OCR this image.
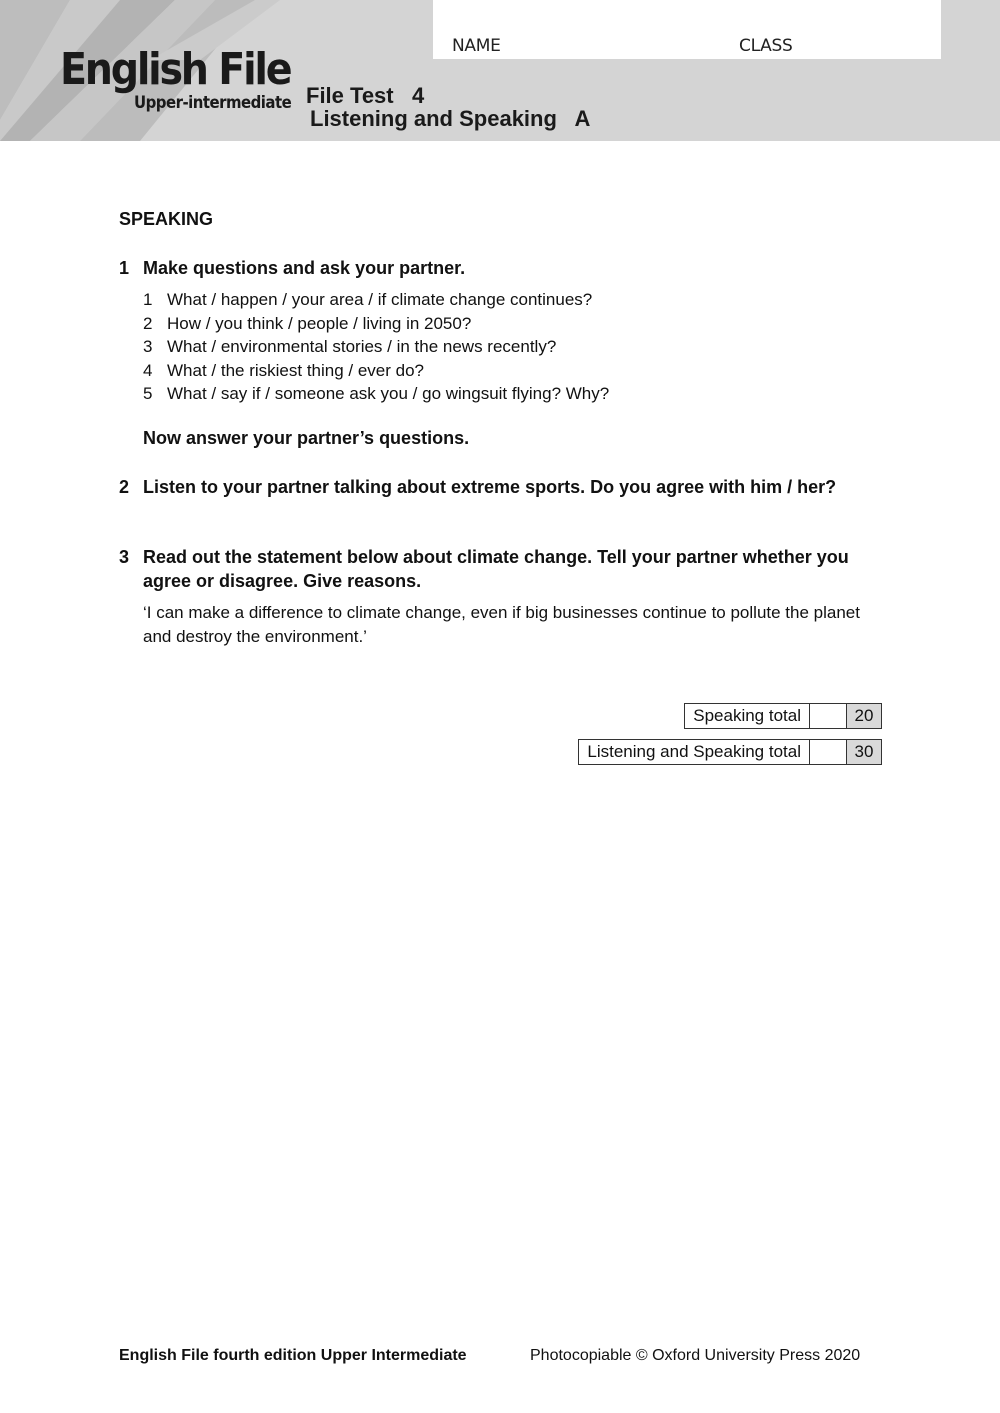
NAME	CLASS
English File
Upper-intermediate File Test   4
Listening and Speaking   A
SPEAKING
1 Make questions and ask your partner.
1 What / happen / your area / if climate change continues?
2 How / you think / people / living in 2050?
3 What / environmental stories / in the news recently?
4 What / the riskiest thing / ever do?
5 What / say if / someone ask you / go wingsuit flying? Why?
Now answer your partner’s questions.
2 Listen to your partner talking about extreme sports. Do you agree with him / her?
3 Read out the statement below about climate change. Tell your partner whether you agree or disagree. Give reasons.
‘I can make a difference to climate change, even if big businesses continue to pollute the planet and destroy the environment.’
Speaking total	20
Listening and Speaking total	30
English File fourth edition Upper Intermediate	Photocopiable © Oxford University Press 2020
